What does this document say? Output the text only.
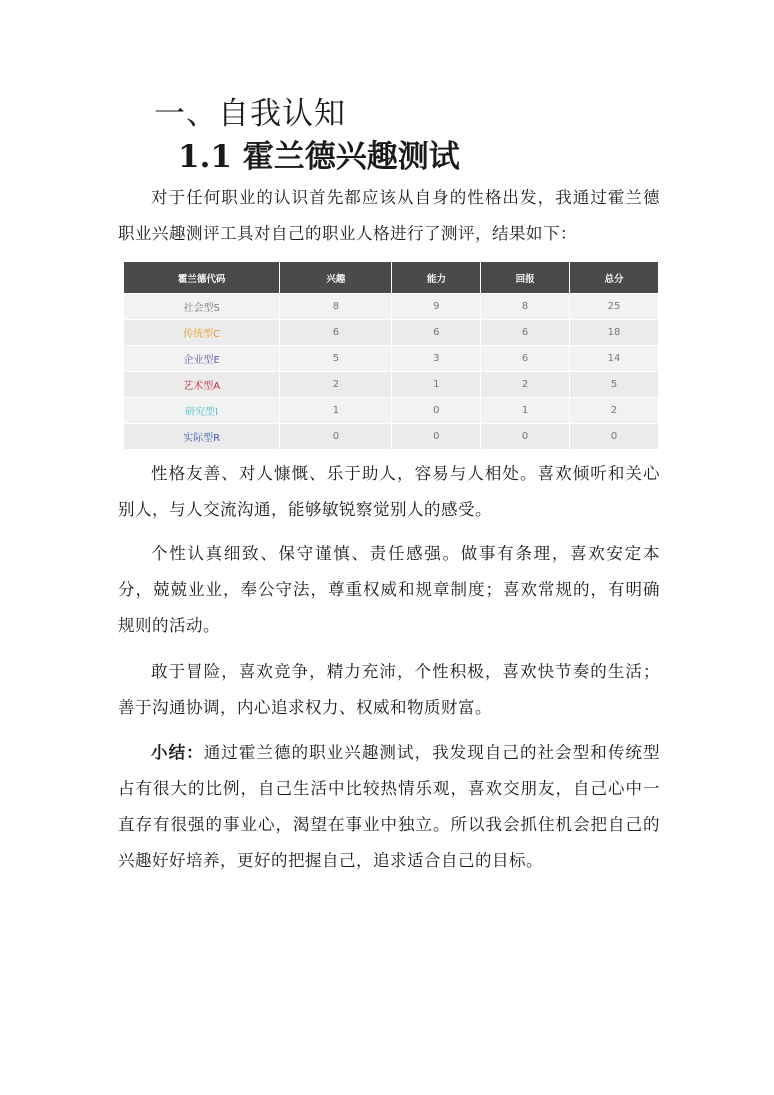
一、自我认知
1.1 霍兰德兴趣测试

对于任何职业的认识首先都应该从自身的性格出发，我通过霍兰德职业兴趣测评工具对自己的职业人格进行了测评，结果如下：

霍兰德代码	兴趣	能力	回报	总分
社会型S	8	9	8	25
传统型C	6	6	6	18
企业型E	5	3	6	14
艺术型A	2	1	2	5
研究型I	1	0	1	2
实际型R	0	0	0	0

性格友善、对人慷慨、乐于助人，容易与人相处。喜欢倾听和关心别人，与人交流沟通，能够敏锐察觉别人的感受。

个性认真细致、保守谨慎、责任感强。做事有条理，喜欢安定本分，兢兢业业，奉公守法，尊重权威和规章制度；喜欢常规的，有明确规则的活动。

敢于冒险，喜欢竞争，精力充沛，个性积极，喜欢快节奏的生活；善于沟通协调，内心追求权力、权威和物质财富。

小结：通过霍兰德的职业兴趣测试，我发现自己的社会型和传统型占有很大的比例，自己生活中比较热情乐观，喜欢交朋友，自己心中一直存有很强的事业心，渴望在事业中独立。所以我会抓住机会把自己的兴趣好好培养，更好的把握自己，追求适合自己的目标。
